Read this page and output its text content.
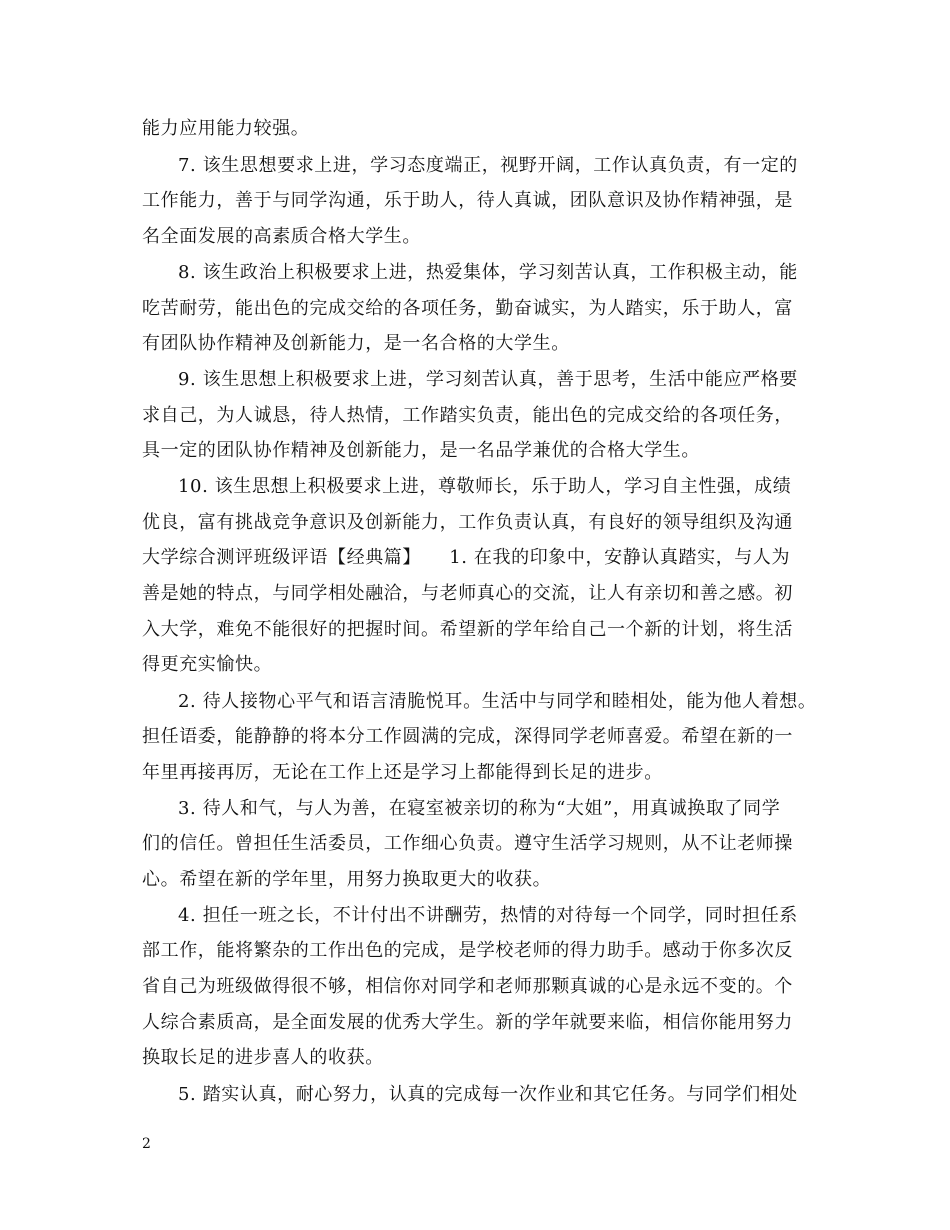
能力应用能力较强。
7. 该生思想要求上进，学习态度端正，视野开阔，工作认真负责，有一定的
工作能力，善于与同学沟通，乐于助人，待人真诚，团队意识及协作精神强，是
名全面发展的高素质合格大学生。
8. 该生政治上积极要求上进，热爱集体，学习刻苦认真，工作积极主动，能
吃苦耐劳，能出色的完成交给的各项任务，勤奋诚实，为人踏实，乐于助人，富
有团队协作精神及创新能力，是一名合格的大学生。
9. 该生思想上积极要求上进，学习刻苦认真，善于思考，生活中能应严格要
求自己，为人诚恳，待人热情，工作踏实负责，能出色的完成交给的各项任务，
具一定的团队协作精神及创新能力，是一名品学兼优的合格大学生。
10. 该生思想上积极要求上进，尊敬师长，乐于助人，学习自主性强，成绩
优良，富有挑战竞争意识及创新能力，工作负责认真，有良好的领导组织及沟通
大学综合测评班级评语【经典篇】　　1. 在我的印象中，安静认真踏实，与人为
善是她的特点，与同学相处融洽，与老师真心的交流，让人有亲切和善之感。初
入大学，难免不能很好的把握时间。希望新的学年给自己一个新的计划，将生活
得更充实愉快。
2. 待人接物心平气和语言清脆悦耳。生活中与同学和睦相处，能为他人着想。
担任语委，能静静的将本分工作圆满的完成，深得同学老师喜爱。希望在新的一
年里再接再厉，无论在工作上还是学习上都能得到长足的进步。
3. 待人和气，与人为善，在寝室被亲切的称为“大姐”，用真诚换取了同学
们的信任。曾担任生活委员，工作细心负责。遵守生活学习规则，从不让老师操
心。希望在新的学年里，用努力换取更大的收获。
4. 担任一班之长，不计付出不讲酬劳，热情的对待每一个同学，同时担任系
部工作，能将繁杂的工作出色的完成，是学校老师的得力助手。感动于你多次反
省自己为班级做得很不够，相信你对同学和老师那颗真诚的心是永远不变的。个
人综合素质高，是全面发展的优秀大学生。新的学年就要来临，相信你能用努力
换取长足的进步喜人的收获。
5. 踏实认真，耐心努力，认真的完成每一次作业和其它任务。与同学们相处
2
